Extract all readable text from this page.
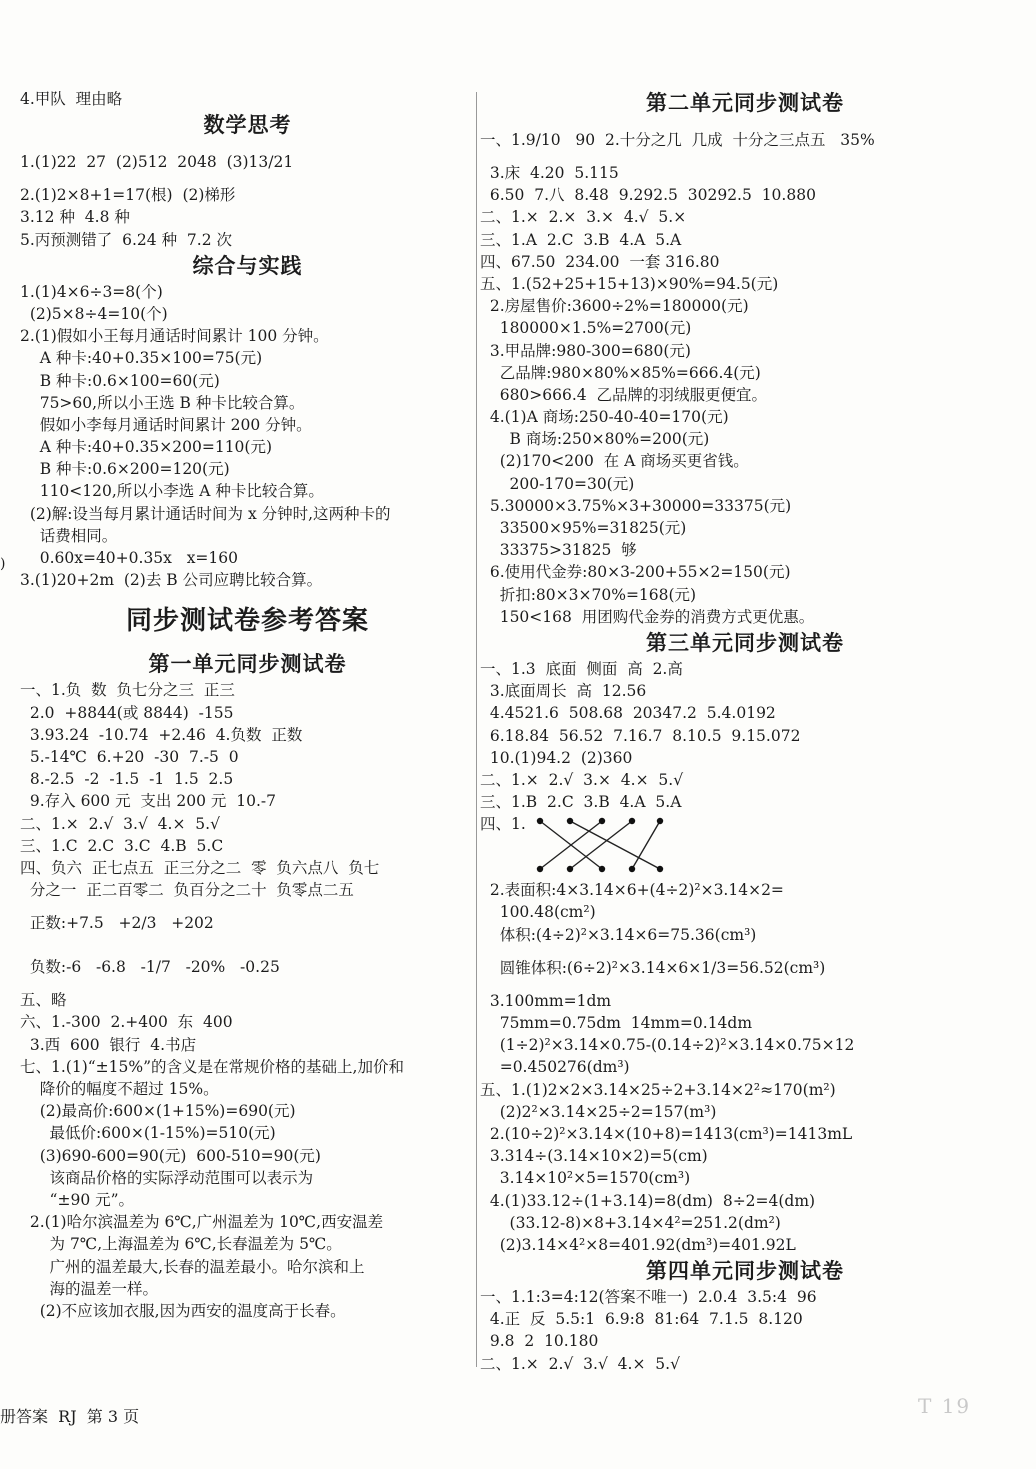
4.甲队  理由略
数学思考
1.(1)22  27  (2)512  2048  (3)13/21
2.(1)2×8+1=17(根)  (2)梯形
3.12 种  4.8 种
5.丙预测错了  6.24 种  7.2 次
综合与实践
1.(1)4×6÷3=8(个)
(2)5×8÷4=10(个)
2.(1)假如小王每月通话时间累计 100 分钟。
A 种卡:40+0.35×100=75(元)
B 种卡:0.6×100=60(元)
75>60,所以小王选 B 种卡比较合算。
假如小李每月通话时间累计 200 分钟。
A 种卡:40+0.35×200=110(元)
B 种卡:0.6×200=120(元)
110<120,所以小李选 A 种卡比较合算。
(2)解:设当每月累计通话时间为 x 分钟时,这两种卡的
话费相同。
0.60x=40+0.35x   x=160
3.(1)20+2m  (2)去 B 公司应聘比较合算。
同步测试卷参考答案
第一单元同步测试卷
一、1.负  数  负七分之三  正三
2.0  +8844(或 8844)  -155
3.93.24  -10.74  +2.46  4.负数  正数
5.-14℃  6.+20  -30  7.-5  0
8.-2.5  -2  -1.5  -1  1.5  2.5
9.存入 600 元  支出 200 元  10.-7
二、1.×  2.√  3.√  4.×  5.√
三、1.C  2.C  3.C  4.B  5.C
四、负六  正七点五  正三分之二  零  负六点八  负七
分之一  正二百零二  负百分之二十  负零点二五
正数:+7.5   +2/3   +202
负数:-6   -6.8   -1/7   -20%   -0.25
五、略
六、1.-300  2.+400  东  400
3.西  600  银行  4.书店
七、1.(1)“±15%”的含义是在常规价格的基础上,加价和
降价的幅度不超过 15%。
(2)最高价:600×(1+15%)=690(元)
最低价:600×(1-15%)=510(元)
(3)690-600=90(元)  600-510=90(元)
该商品价格的实际浮动范围可以表示为
“±90 元”。
2.(1)哈尔滨温差为 6℃,广州温差为 10℃,西安温差
为 7℃,上海温差为 6℃,长春温差为 5℃。
广州的温差最大,长春的温差最小。哈尔滨和上
海的温差一样。
(2)不应该加衣服,因为西安的温度高于长春。
第二单元同步测试卷
一、1.9/10   90  2.十分之几  几成  十分之三点五   35%
3.床  4.20  5.115
6.50  7.八  8.48  9.292.5  30292.5  10.880
二、1.×  2.×  3.×  4.√  5.×
三、1.A  2.C  3.B  4.A  5.A
四、67.50  234.00  一套 316.80
五、1.(52+25+15+13)×90%=94.5(元)
2.房屋售价:3600÷2%=180000(元)
180000×1.5%=2700(元)
3.甲品牌:980-300=680(元)
乙品牌:980×80%×85%=666.4(元)
680>666.4  乙品牌的羽绒服更便宜。
4.(1)A 商场:250-40-40=170(元)
B 商场:250×80%=200(元)
(2)170<200  在 A 商场买更省钱。
200-170=30(元)
5.30000×3.75%×3+30000=33375(元)
33500×95%=31825(元)
33375>31825  够
6.使用代金券:80×3-200+55×2=150(元)
折扣:80×3×70%=168(元)
150<168  用团购代金券的消费方式更优惠。
第三单元同步测试卷
一、1.3  底面  侧面  高  2.高
3.底面周长  高  12.56
4.4521.6  508.68  20347.2  5.4.0192
6.18.84  56.52  7.16.7  8.10.5  9.15.072
10.(1)94.2  (2)360
二、1.×  2.√  3.×  4.×  5.√
三、1.B  2.C  3.B  4.A  5.A
四、1.
2.表面积:4×3.14×6+(4÷2)²×3.14×2=
100.48(cm²)
体积:(4÷2)²×3.14×6=75.36(cm³)
圆锥体积:(6÷2)²×3.14×6×1/3=56.52(cm³)
3.100mm=1dm
75mm=0.75dm  14mm=0.14dm
(1÷2)²×3.14×0.75-(0.14÷2)²×3.14×0.75×12
=0.450276(dm³)
五、1.(1)2×2×3.14×25÷2+3.14×2²≈170(m²)
(2)2²×3.14×25÷2=157(m³)
2.(10÷2)²×3.14×(10+8)=1413(cm³)=1413mL
3.314÷(3.14×10×2)=5(cm)
3.14×10²×5=1570(cm³)
4.(1)33.12÷(1+3.14)=8(dm)  8÷2=4(dm)
(33.12-8)×8+3.14×4²=251.2(dm²)
(2)3.14×4²×8=401.92(dm³)=401.92L
第四单元同步测试卷
一、1.1:3=4:12(答案不唯一)  2.0.4  3.5:4  96
4.正  反  5.5:1  6.9:8  81:64  7.1.5  8.120
9.8  2  10.180
二、1.×  2.√  3.√  4.×  5.√
)
册答案  RJ  第 3 页	T 19
